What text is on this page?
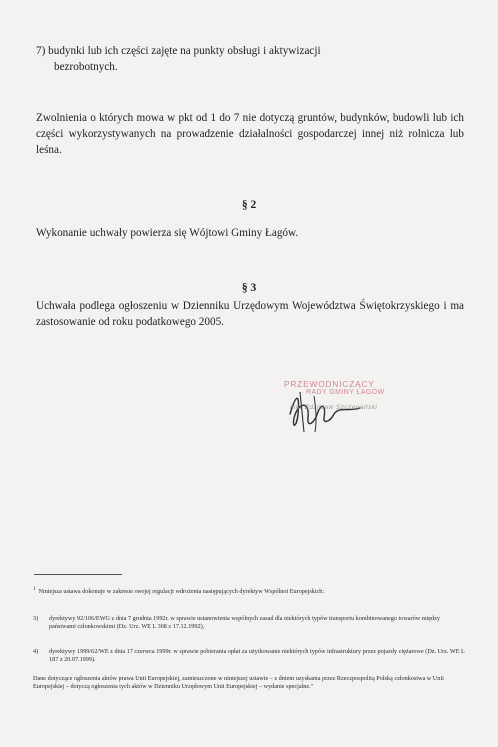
7) budynki lub ich części zajęte na punkty obsługi i aktywizacji
bezrobotnych.
Zwolnienia o których mowa w pkt od 1 do 7 nie dotyczą gruntów, budynków, budowli lub ich części wykorzystywanych na prowadzenie działalności gospodarczej innej niż rolnicza lub leśna.
§ 2
Wykonanie uchwały powierza się Wójtowi Gminy Łagów.
§ 3
Uchwała podlega ogłoszeniu w Dzienniku Urzędowym Województwa Świętokrzyskiego i ma zastosowanie od roku podatkowego 2005.
PRZEWODNICZĄCY
RADY GMINY ŁAGÓW
mgr Zdzisław Szczepański
$^1$ Niniejsza ustawa dokonuje w zakresie swojej regulacji wdrożenia następujących dyrektyw Wspólnot Europejskich:
3)	dyrektywy 92/106/EWG z dnia 7 grudnia 1992r. w sprawie ustanowienia wspólnych zasad dla niektórych typów transportu kombinowanego towarów między państwami członkowskimi (Dz. Urz. WE L 368 z 17.12.1992),
4)	dyrektywy 1999/62/WE z dnia 17 czerwca 1999r. w sprawie pobierania opłat za użytkowanie niektórych typów infrastruktury przez pojazdy ciężarowe (Dz. Urz. WE L 187 z 20.07.1999).
Dane dotyczące ogłoszenia aktów prawa Unii Europejskiej, zamieszczone w niniejszej ustawie – z dniem uzyskania przez Rzeczpospolitą Polską członkostwa w Unii Europejskiej – dotyczą ogłoszenia tych aktów w Dzienniku Urzędowym Unii Europejskiej – wydanie specjalne."
